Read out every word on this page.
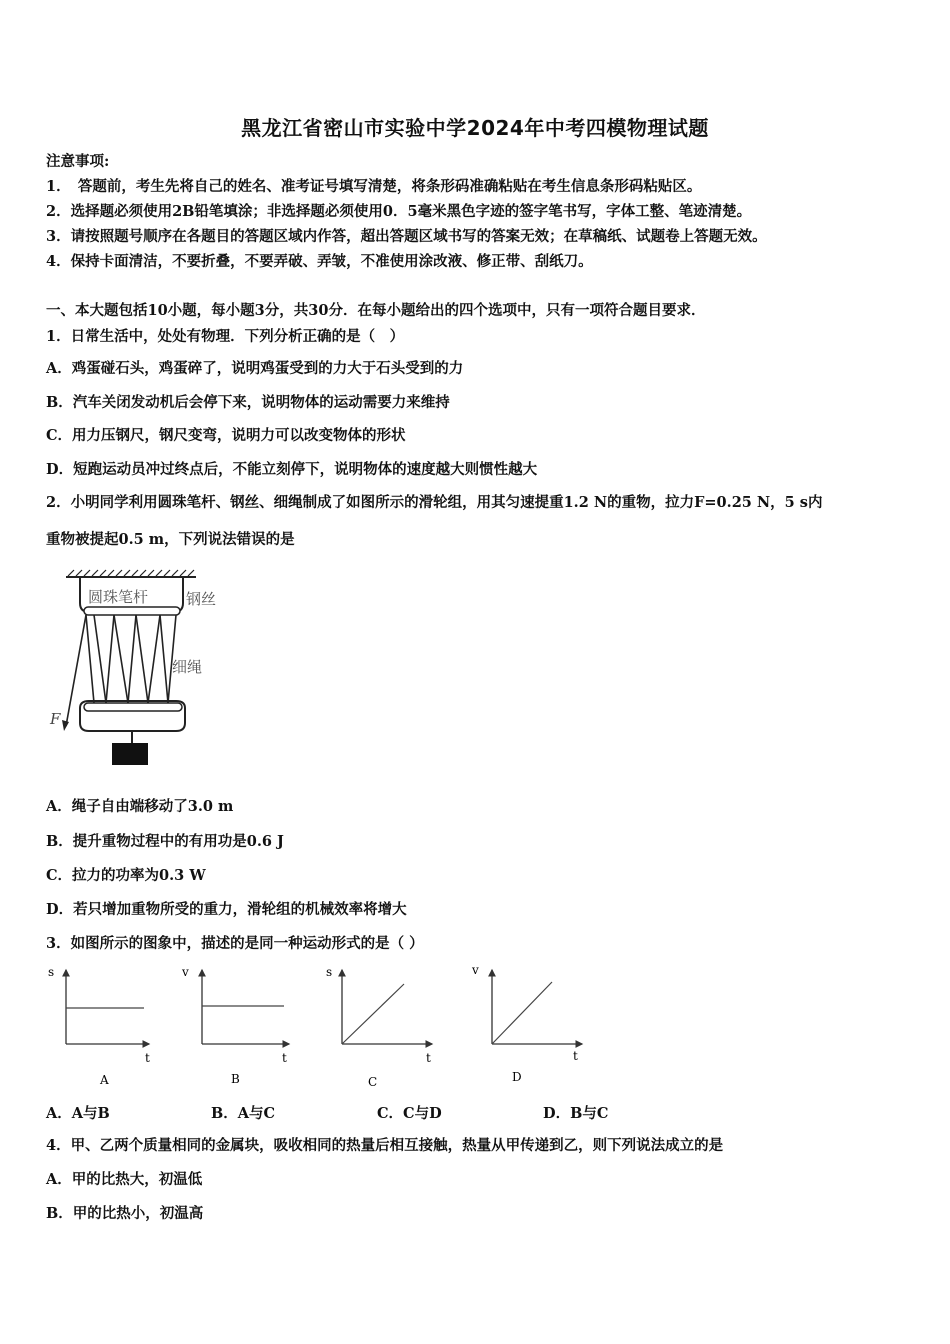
黑龙江省密山市实验中学2024年中考四模物理试题
注意事项:
1．　答题前，考生先将自己的姓名、准考证号填写清楚，将条形码准确粘贴在考生信息条形码粘贴区。
2．选择题必须使用2B铅笔填涂；非选择题必须使用0．5毫米黑色字迹的签字笔书写，字体工整、笔迹清楚。
3．请按照题号顺序在各题目的答题区域内作答，超出答题区域书写的答案无效；在草稿纸、试题卷上答题无效。
4．保持卡面清洁，不要折叠，不要弄破、弄皱，不准使用涂改液、修正带、刮纸刀。
一、本大题包括10小题，每小题3分，共30分．在每小题给出的四个选项中，只有一项符合题目要求．
1．日常生活中，处处有物理．下列分析正确的是（　）
A．鸡蛋碰石头，鸡蛋碎了，说明鸡蛋受到的力大于石头受到的力
B．汽车关闭发动机后会停下来，说明物体的运动需要力来维持
C．用力压钢尺，钢尺变弯，说明力可以改变物体的形状
D．短跑运动员冲过终点后，不能立刻停下，说明物体的速度越大则惯性越大
2．小明同学利用圆珠笔杆、钢丝、细绳制成了如图所示的滑轮组，用其匀速提重1.2 N的重物，拉力F=0.25 N，5 s内
重物被提起0.5 m，下列说法错误的是
圆珠笔杆	钢丝
细绳
F
A．绳子自由端移动了3.0 m
B．提升重物过程中的有用功是0.6 J
C．拉力的功率为0.3 W
D．若只增加重物所受的重力，滑轮组的机械效率将增大
3．如图所示的图象中，描述的是同一种运动形式的是（ ）
s
t
A
v
t
B
s
t
C
v
t
D
A．A与B	B．A与C	C．C与D	D．B与C
4．甲、乙两个质量相同的金属块，吸收相同的热量后相互接触，热量从甲传递到乙，则下列说法成立的是
A．甲的比热大，初温低
B．甲的比热小，初温高
